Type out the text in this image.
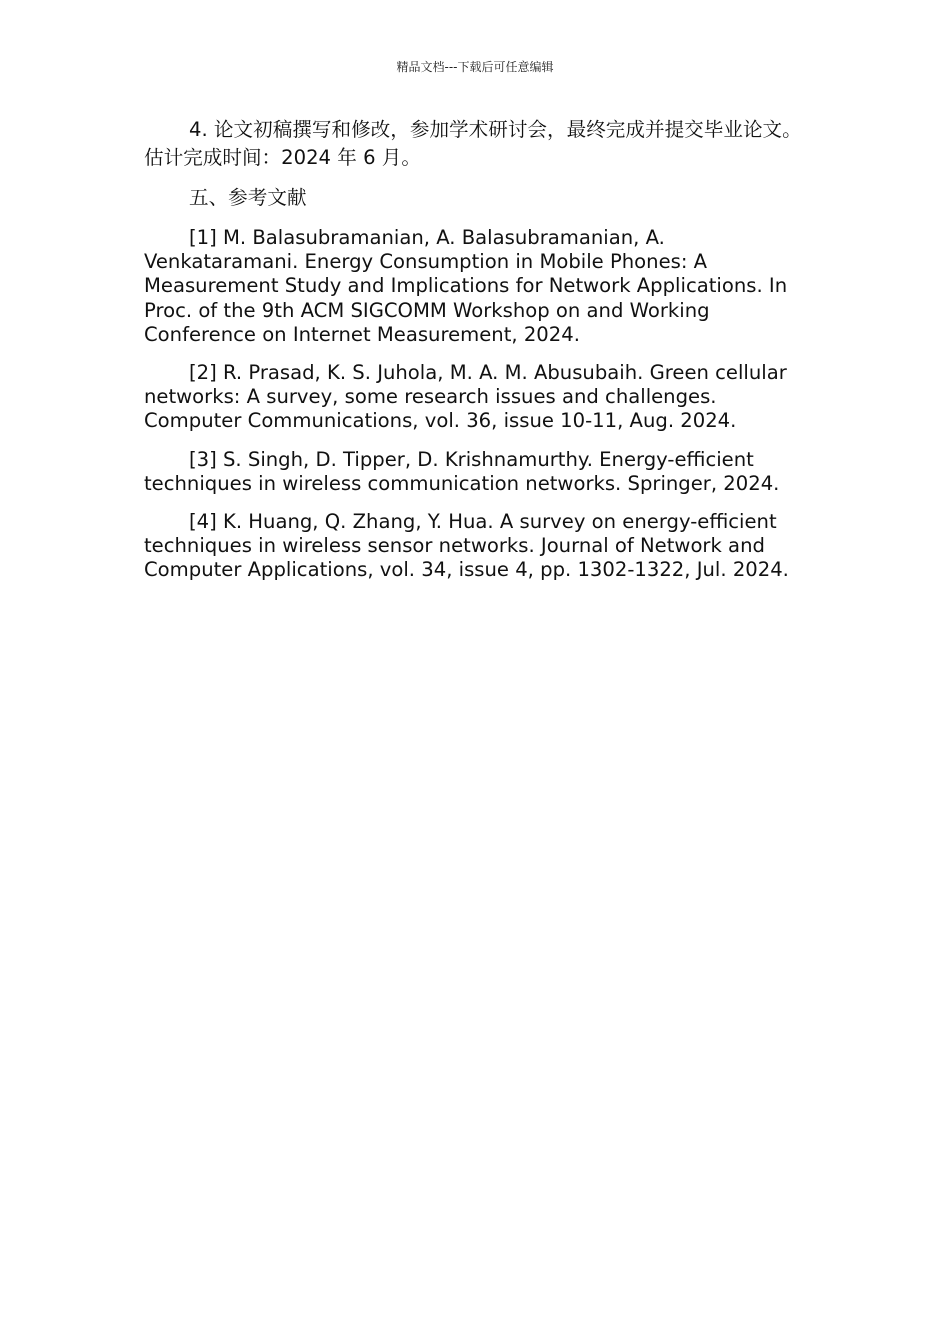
精品文档---下载后可任意编辑

4. 论文初稿撰写和修改，参加学术研讨会，最终完成并提交毕业论文。估计完成时间：2024 年 6 月。

五、参考文献

[1] M. Balasubramanian, A. Balasubramanian, A. Venkataramani. Energy Consumption in Mobile Phones: A Measurement Study and Implications for Network Applications. In Proc. of the 9th ACM SIGCOMM Workshop on and Working Conference on Internet Measurement, 2024.

[2] R. Prasad, K. S. Juhola, M. A. M. Abusubaih. Green cellular networks: A survey, some research issues and challenges. Computer Communications, vol. 36, issue 10-11, Aug. 2024.

[3] S. Singh, D. Tipper, D. Krishnamurthy. Energy-efficient techniques in wireless communication networks. Springer, 2024.

[4] K. Huang, Q. Zhang, Y. Hua. A survey on energy-efficient techniques in wireless sensor networks. Journal of Network and Computer Applications, vol. 34, issue 4, pp. 1302-1322, Jul. 2024.
